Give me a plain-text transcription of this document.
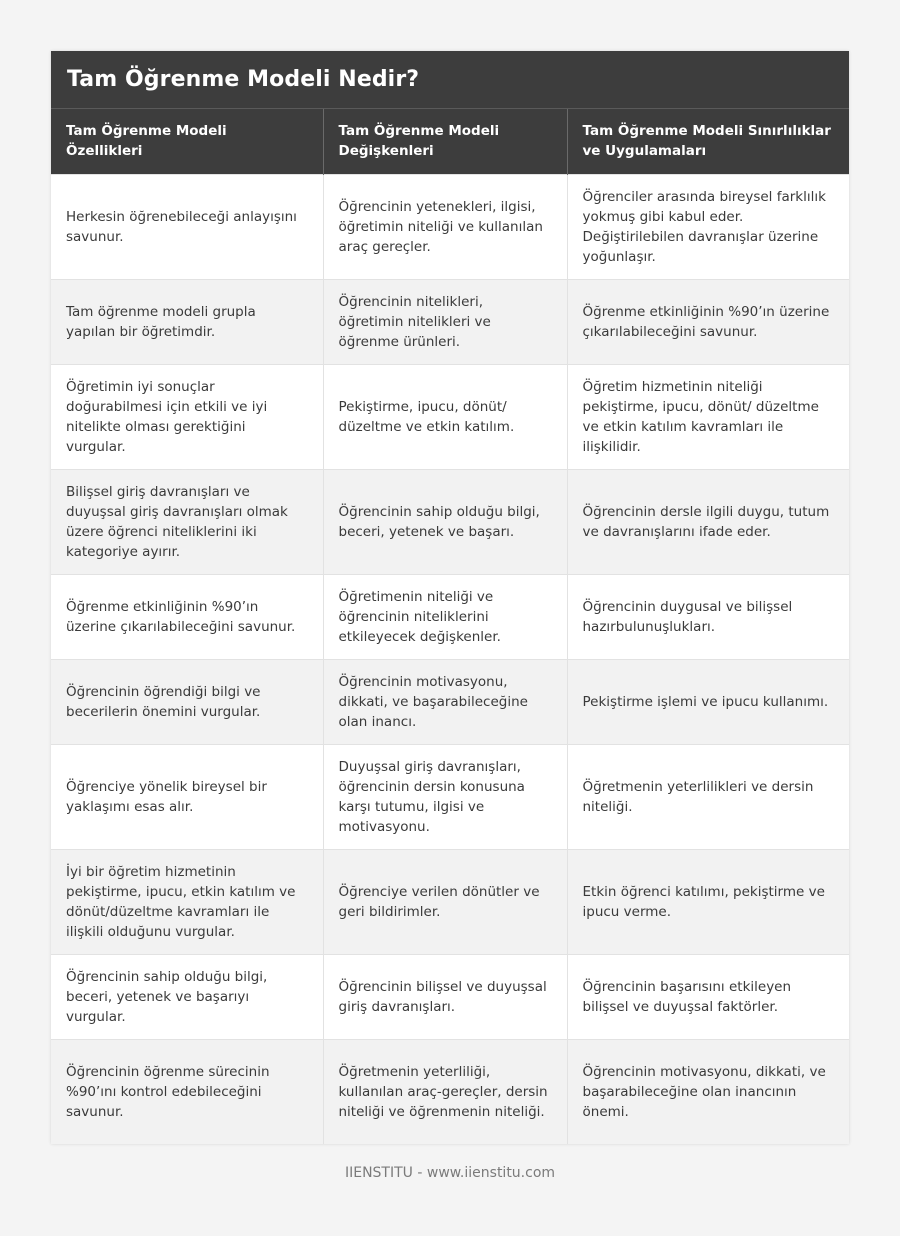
Tam Öğrenme Modeli Nedir?
Tam Öğrenme Modeli Özellikleri	Tam Öğrenme Modeli Değişkenleri	Tam Öğrenme Modeli Sınırlılıklar ve Uygulamaları
Herkesin öğrenebileceği anlayışını savunur.	Öğrencinin yetenekleri, ilgisi, öğretimin niteliği ve kullanılan araç gereçler.	Öğrenciler arasında bireysel farklılık yokmuş gibi kabul eder. Değiştirilebilen davranışlar üzerine yoğunlaşır.
Tam öğrenme modeli grupla yapılan bir öğretimdir.	Öğrencinin nitelikleri, öğretimin nitelikleri ve öğrenme ürünleri.	Öğrenme etkinliğinin %90’ın üzerine çıkarılabileceğini savunur.
Öğretimin iyi sonuçlar doğurabilmesi için etkili ve iyi nitelikte olması gerektiğini vurgular.	Pekiştirme, ipucu, dönüt/ düzeltme ve etkin katılım.	Öğretim hizmetinin niteliği pekiştirme, ipucu, dönüt/ düzeltme ve etkin katılım kavramları ile ilişkilidir.
Bilişsel giriş davranışları ve duyuşsal giriş davranışları olmak üzere öğrenci niteliklerini iki kategoriye ayırır.	Öğrencinin sahip olduğu bilgi, beceri, yetenek ve başarı.	Öğrencinin dersle ilgili duygu, tutum ve davranışlarını ifade eder.
Öğrenme etkinliğinin %90’ın üzerine çıkarılabileceğini savunur.	Öğretimenin niteliği ve öğrencinin niteliklerini etkileyecek değişkenler.	Öğrencinin duygusal ve bilişsel hazırbulunuşlukları.
Öğrencinin öğrendiği bilgi ve becerilerin önemini vurgular.	Öğrencinin motivasyonu, dikkati, ve başarabileceğine olan inancı.	Pekiştirme işlemi ve ipucu kullanımı.
Öğrenciye yönelik bireysel bir yaklaşımı esas alır.	Duyuşsal giriş davranışları, öğrencinin dersin konusuna karşı tutumu, ilgisi ve motivasyonu.	Öğretmenin yeterlilikleri ve dersin niteliği.
İyi bir öğretim hizmetinin pekiştirme, ipucu, etkin katılım ve dönüt/düzeltme kavramları ile ilişkili olduğunu vurgular.	Öğrenciye verilen dönütler ve geri bildirimler.	Etkin öğrenci katılımı, pekiştirme ve ipucu verme.
Öğrencinin sahip olduğu bilgi, beceri, yetenek ve başarıyı vurgular.	Öğrencinin bilişsel ve duyuşsal giriş davranışları.	Öğrencinin başarısını etkileyen bilişsel ve duyuşsal faktörler.
Öğrencinin öğrenme sürecinin %90’ını kontrol edebileceğini savunur.	Öğretmenin yeterliliği, kullanılan araç-gereçler, dersin niteliği ve öğrenmenin niteliği.	Öğrencinin motivasyonu, dikkati, ve başarabileceğine olan inancının önemi.
IIENSTITU - www.iienstitu.com
